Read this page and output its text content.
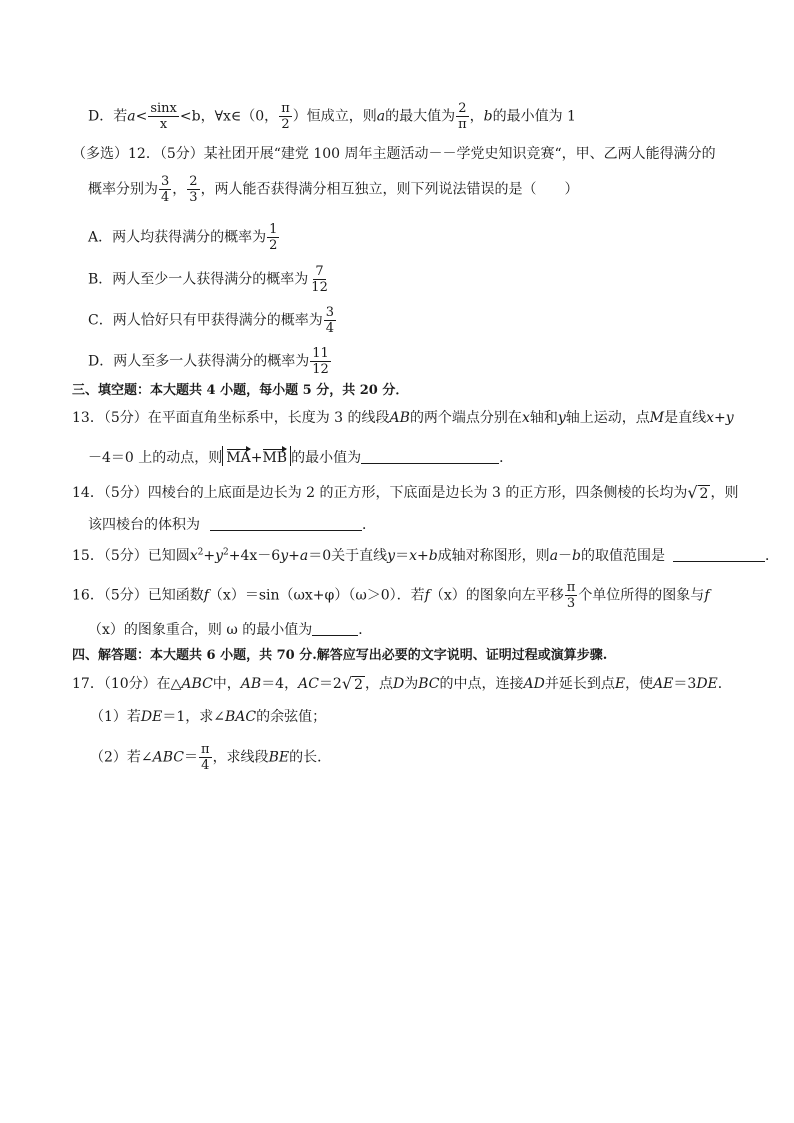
D．若$a< \frac{\sin x}{x} <b$，∀x∈（0， $\frac{\pi}{2}$ ）恒成立，则a的最大值为 $\frac{2}{\pi}$ ，b的最小值为 1
（多选）12．（5分）某社团开展“建党 100 周年主题活动－－学党史知识竞赛“，甲、乙两人能得满分的
概率分别为 $\frac{3}{4}$ ， $\frac{2}{3}$ ，两人能否获得满分相互独立，则下列说法错误的是（　　）
A．两人均获得满分的概率为 $\frac{1}{2}$
B．两人至少一人获得满分的概率为 $\frac{7}{12}$
C．两人恰好只有甲获得满分的概率为 $\frac{3}{4}$
D．两人至多一人获得满分的概率为 $\frac{11}{12}$
三、填空题：本大题共 4 小题，每小题 5 分，共 20 分．
13．（5分）在平面直角坐标系中，长度为 3 的线段AB的两个端点分别在x轴和y轴上运动，点M是直线x+y
－4＝0 上的动点，则 MA+MB 的最小值为	．
14．（5分）四棱台的上底面是边长为 2 的正方形，下底面是边长为 3 的正方形，四条侧棱的长均为 √ 2 ，则
该四棱台的体积为	．
15．（5分）已知圆$x^2+y^2+4x-6y+a=0$关于直线y＝x+b成轴对称图形，则a－b的取值范围是	．
16．（5分）已知函数f（x）＝sin（ωx+φ）（ω＞0）．若f（x）的图象向左平移 $\frac{\pi}{3}$ 个单位所得的图象与f
（x）的图象重合，则 ω 的最小值为	．
四、解答题：本大题共 6 小题，共 70 分.解答应写出必要的文字说明、证明过程或演算步骤.
17．（10分）在△ABC中，AB＝4，AC＝2 √ 2 ，点D为BC的中点，连接AD并延长到点E，使AE＝3DE．
（1）若DE＝1，求∠BAC的余弦值；
（2）若∠ABC＝ $\frac{\pi}{4}$ ，求线段BE的长．
